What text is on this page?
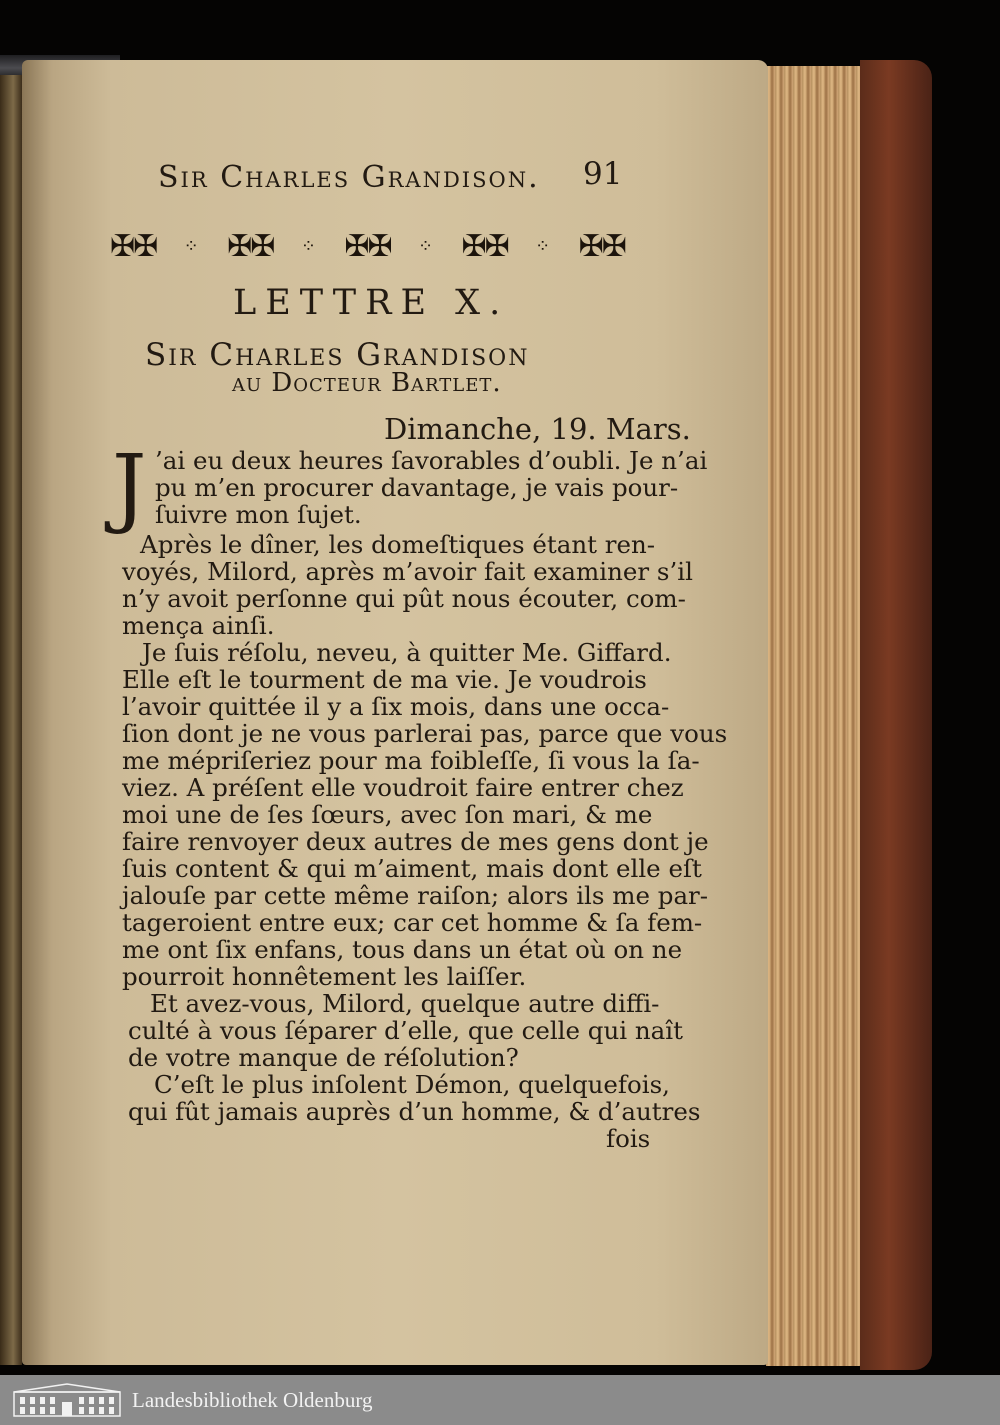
Sir Charles Grandison. 91
✠✠ ⁘ ✠✠ ⁘ ✠✠ ⁘ ✠✠ ⁘ ✠✠
LETTRE X.
Sir Charles Grandison
au Docteur Bartlet.
Dimanche, 19. Mars.
J ’ai eu deux heures ſavorables d’oubli. Je n’ai
pu m’en procurer davantage, je vais pour-
ſuivre mon ſujet.
Après le dîner, les domeſtiques étant ren-
voyés, Milord, après m’avoir fait examiner s’il
n’y avoit perſonne qui pût nous écouter, com-
mença ainſi.
Je ſuis réſolu, neveu, à quitter Me. Giffard.
Elle eſt le tourment de ma vie. Je voudrois
l’avoir quittée il y a ſix mois, dans une occa-
ſion dont je ne vous parlerai pas, parce que vous
me mépriſeriez pour ma foibleſſe, ſi vous la ſa-
viez. A préſent elle voudroit faire entrer chez
moi une de ſes ſœurs, avec ſon mari, & me
faire renvoyer deux autres de mes gens dont je
ſuis content & qui m’aiment, mais dont elle eſt
jalouſe par cette même raiſon; alors ils me par-
tageroient entre eux; car cet homme & ſa fem-
me ont ſix enfans, tous dans un état où on ne
pourroit honnêtement les laiſſer.
Et avez-vous, Milord, quelque autre diffi-
culté à vous ſéparer d’elle, que celle qui naît
de votre manque de réſolution?
C’eſt le plus inſolent Démon, quelquefois,
qui fût jamais auprès d’un homme, & d’autres
fois
Landesbibliothek Oldenburg
